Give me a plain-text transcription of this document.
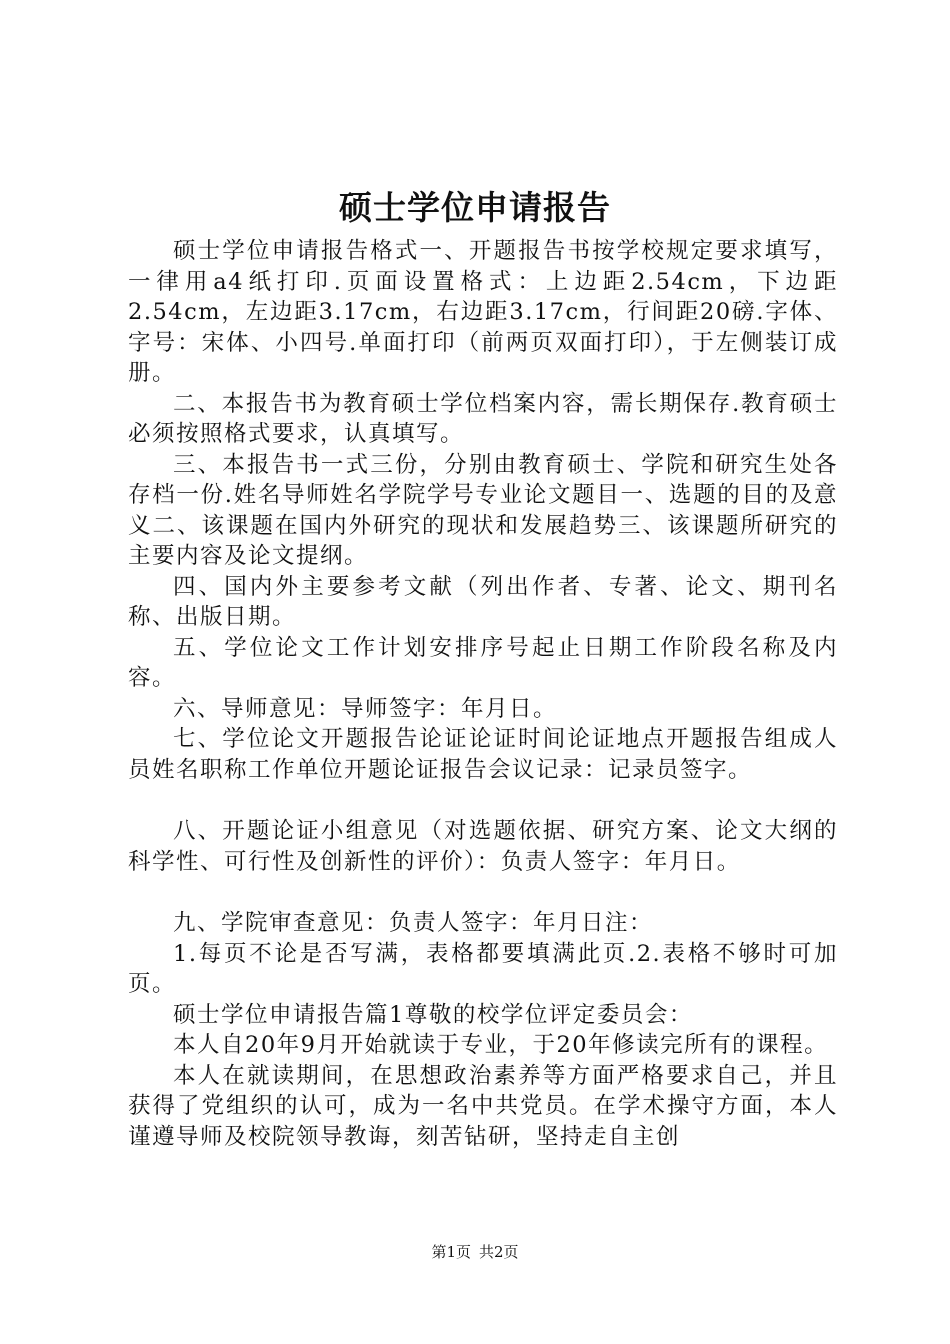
硕士学位申请报告

硕士学位申请报告格式一、开题报告书按学校规定要求填写，一律用a4纸打印.页面设置格式：上边距2.54cm，下边距2.54cm，左边距3.17cm，右边距3.17cm，行间距20磅.字体、字号：宋体、小四号.单面打印（前两页双面打印），于左侧装订成册。

二、本报告书为教育硕士学位档案内容，需长期保存.教育硕士必须按照格式要求，认真填写。

三、本报告书一式三份，分别由教育硕士、学院和研究生处各存档一份.姓名导师姓名学院学号专业论文题目一、选题的目的及意义二、该课题在国内外研究的现状和发展趋势三、该课题所研究的主要内容及论文提纲。

四、国内外主要参考文献（列出作者、专著、论文、期刊名称、出版日期。

五、学位论文工作计划安排序号起止日期工作阶段名称及内容。

六、导师意见：导师签字：年月日。

七、学位论文开题报告论证论证时间论证地点开题报告组成人员姓名职称工作单位开题论证报告会议记录：记录员签字。

八、开题论证小组意见（对选题依据、研究方案、论文大纲的科学性、可行性及创新性的评价）：负责人签字：年月日。

九、学院审查意见：负责人签字：年月日注：

1.每页不论是否写满，表格都要填满此页.2.表格不够时可加页。

硕士学位申请报告篇1尊敬的校学位评定委员会：

本人自20年9月开始就读于专业，于20年修读完所有的课程。

本人在就读期间，在思想政治素养等方面严格要求自己，并且获得了党组织的认可，成为一名中共党员。在学术操守方面，本人谨遵导师及校院领导教诲，刻苦钻研，坚持走自主创

第1页 共2页
